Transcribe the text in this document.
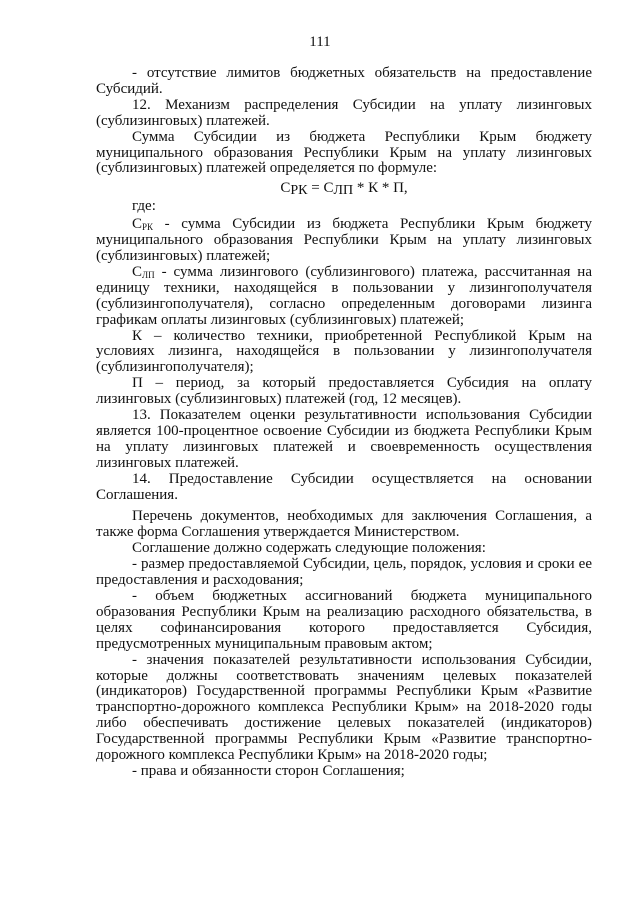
111

- отсутствие лимитов бюджетных обязательств на предоставление Субсидий.

12. Механизм распределения Субсидии на уплату лизинговых (сублизинговых) платежей.

Сумма Субсидии из бюджета Республики Крым бюджету муниципального образования Республики Крым на уплату лизинговых (сублизинговых) платежей определяется по формуле:

$С_{РК} = С_{ЛП} * К * П$,

где:

$С_{РК}$ - сумма Субсидии из бюджета Республики Крым бюджету муниципального образования Республики Крым на уплату лизинговых (сублизинговых) платежей;

$С_{ЛП}$ - сумма лизингового (сублизингового) платежа, рассчитанная на единицу техники, находящейся в пользовании у лизингополучателя (сублизингополучателя), согласно определенным договорами лизинга графикам оплаты лизинговых (сублизинговых) платежей;

К – количество техники, приобретенной Республикой Крым на условиях лизинга, находящейся в пользовании у лизингополучателя (сублизингополучателя);

П – период, за который предоставляется Субсидия на оплату лизинговых (сублизинговых) платежей (год, 12 месяцев).

13. Показателем оценки результативности использования Субсидии является 100-процентное освоение Субсидии из бюджета Республики Крым на уплату лизинговых платежей и своевременность осуществления лизинговых платежей.

14. Предоставление Субсидии осуществляется на основании Соглашения.

Перечень документов, необходимых для заключения Соглашения, а также форма Соглашения утверждается Министерством.

Соглашение должно содержать следующие положения:

- размер предоставляемой Субсидии, цель, порядок, условия и сроки ее предоставления и расходования;

- объем бюджетных ассигнований бюджета муниципального образования Республики Крым на реализацию расходного обязательства, в целях софинансирования которого предоставляется Субсидия, предусмотренных муниципальным правовым актом;

- значения показателей результативности использования Субсидии, которые должны соответствовать значениям целевых показателей (индикаторов) Государственной программы Республики Крым «Развитие транспортно-дорожного комплекса Республики Крым» на 2018-2020 годы либо обеспечивать достижение целевых показателей (индикаторов) Государственной программы Республики Крым «Развитие транспортно-дорожного комплекса Республики Крым» на 2018-2020 годы;

- права и обязанности сторон Соглашения;
